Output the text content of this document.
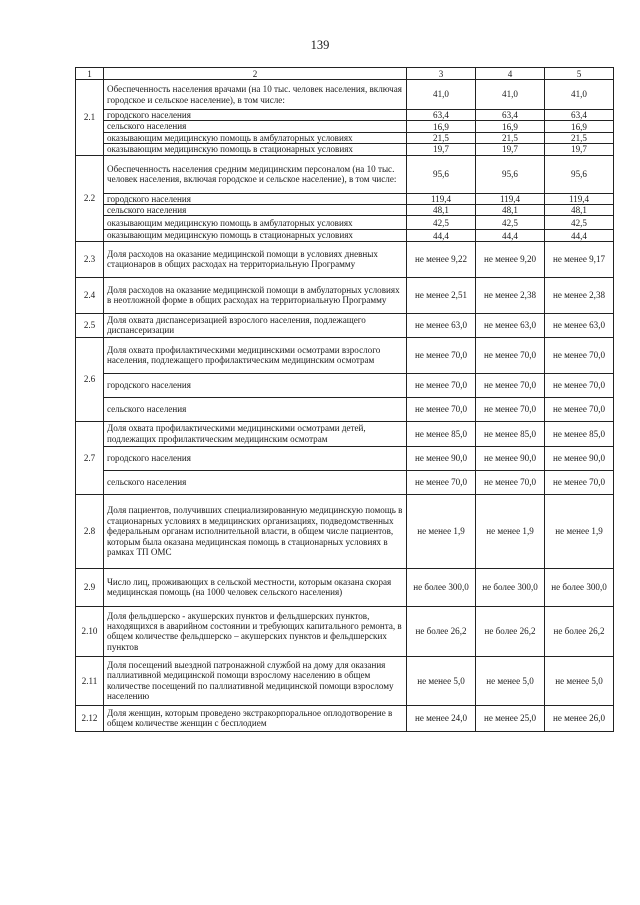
139
1	2	3	4	5
2.1	Обеспеченность населения врачами (на 10 тыс. человек населения, включая городское и сельское население), в том числе:	41,0	41,0	41,0
	городского населения	63,4	63,4	63,4
	сельского населения	16,9	16,9	16,9
	оказывающим медицинскую помощь в амбулаторных условиях	21,5	21,5	21,5
	оказывающим медицинскую помощь в стационарных условиях	19,7	19,7	19,7
2.2	Обеспеченность населения средним медицинским персоналом (на 10 тыс. человек населения, включая городское и сельское население), в том числе:	95,6	95,6	95,6
	городского населения	119,4	119,4	119,4
	сельского населения	48,1	48,1	48,1
	оказывающим медицинскую помощь в амбулаторных условиях	42,5	42,5	42,5
	оказывающим медицинскую помощь в стационарных условиях	44,4	44,4	44,4
2.3	Доля расходов на оказание медицинской помощи в условиях дневных стационаров в общих расходах на территориальную Программу	не менее 9,22	не менее 9,20	не менее 9,17
2.4	Доля расходов на оказание медицинской помощи в амбулаторных условиях в неотложной форме в общих расходах на территориальную Программу	не менее 2,51	не менее 2,38	не менее 2,38
2.5	Доля охвата диспансеризацией взрослого населения, подлежащего диспансеризации	не менее 63,0	не менее 63,0	не менее 63,0
2.6	Доля охвата профилактическими медицинскими осмотрами взрослого населения, подлежащего профилактическим медицинским осмотрам	не менее 70,0	не менее 70,0	не менее 70,0
	городского населения	не менее 70,0	не менее 70,0	не менее 70,0
	сельского населения	не менее 70,0	не менее 70,0	не менее 70,0
2.7	Доля охвата профилактическими медицинскими осмотрами детей, подлежащих профилактическим медицинским осмотрам	не менее 85,0	не менее 85,0	не менее 85,0
	городского населения	не менее 90,0	не менее 90,0	не менее 90,0
	сельского населения	не менее 70,0	не менее 70,0	не менее 70,0
2.8	Доля пациентов, получивших специализированную медицинскую помощь в стационарных условиях в медицинских организациях, подведомственных федеральным органам исполнительной власти, в общем числе пациентов, которым была оказана медицинская помощь в стационарных условиях в рамках ТП ОМС	не менее 1,9	не менее 1,9	не менее 1,9
2.9	Число лиц, проживающих в сельской местности, которым оказана скорая медицинская помощь (на 1000 человек сельского населения)	не более 300,0	не более 300,0	не более 300,0
2.10	Доля фельдшерско - акушерских пунктов и фельдшерских пунктов, находящихся в аварийном состоянии и требующих капитального ремонта, в общем количестве фельдшерско – акушерских пунктов и фельдшерских пунктов	не более 26,2	не более 26,2	не более 26,2
2.11	Доля посещений выездной патронажной службой на дому для оказания паллиативной медицинской помощи взрослому населению в общем количестве посещений по паллиативной медицинской помощи взрослому населению	не менее 5,0	не менее 5,0	не менее 5,0
2.12	Доля женщин, которым проведено экстракорпоральное оплодотворение в общем количестве женщин с бесплодием	не менее 24,0	не менее 25,0	не менее 26,0
